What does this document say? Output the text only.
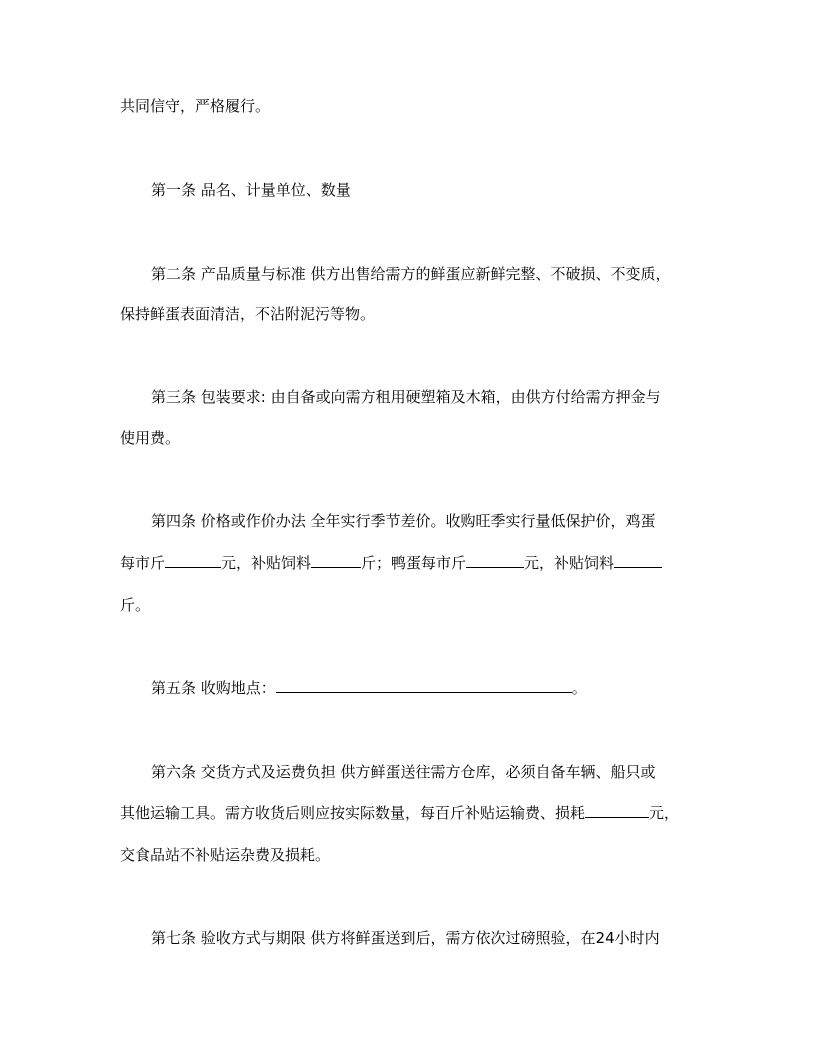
共同信守，严格履行。
第一条 品名、计量单位、数量
第二条 产品质量与标准 供方出售给需方的鲜蛋应新鲜完整、不破损、不变质，
保持鲜蛋表面清洁，不沾附泥污等物。
第三条 包装要求: 由自备或向需方租用硬塑箱及木箱，由供方付给需方押金与
使用费。
第四条 价格或作价办法 全年实行季节差价。收购旺季实行量低保护价，鸡蛋
每市斤	元，补贴饲料	斤；鸭蛋每市斤	元，补贴饲料
斤。
第五条 收购地点：	。
第六条 交货方式及运费负担 供方鲜蛋送往需方仓库，必须自备车辆、船只或
其他运输工具。需方收货后则应按实际数量，每百斤补贴运输费、损耗	元，
交食品站不补贴运杂费及损耗。
第七条 验收方式与期限 供方将鲜蛋送到后，需方依次过磅照验，在24小时内
